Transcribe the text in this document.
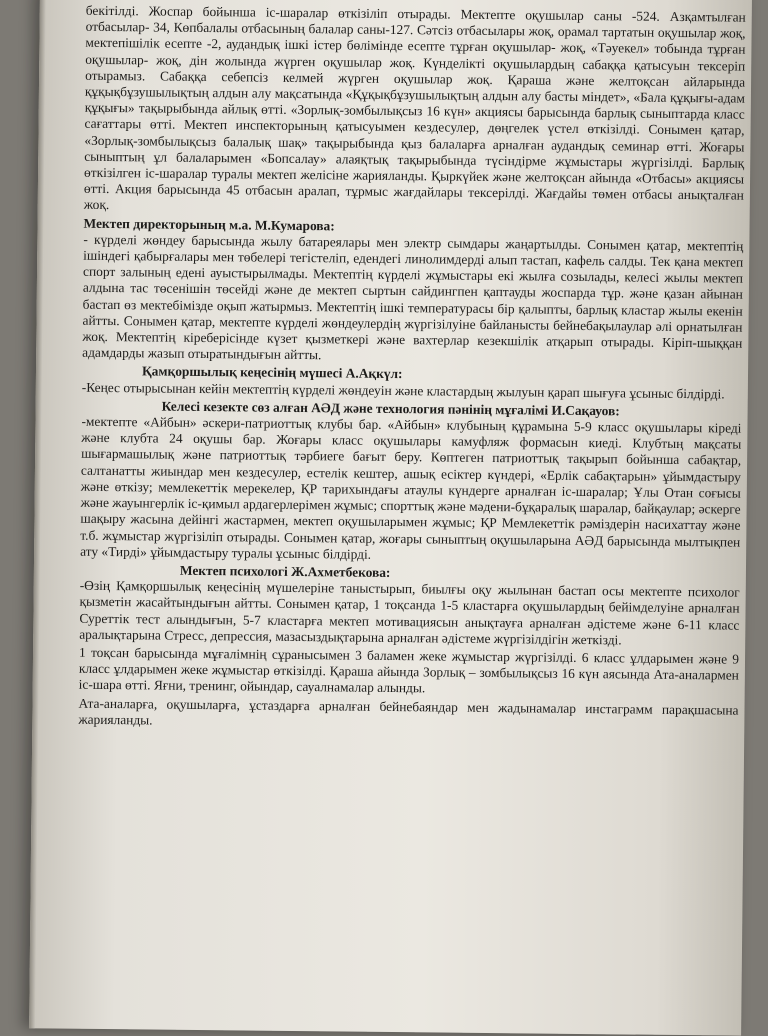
бекітілді. Жоспар бойынша іс-шаралар өткізіліп отырады. Мектепте оқушылар саны -524. Азқамтылған отбасылар- 34, Көпбалалы отбасының балалар саны-127. Сәтсіз отбасылары жоқ, орамал тартатын оқушылар жоқ, мектепішілік есепте -2, аудандық ішкі істер бөлімінде есепте тұрған оқушылар- жоқ, «Тәуекел» тобында тұрған оқушылар- жоқ, дін жолында жүрген оқушылар жоқ. Күнделікті оқушылардың сабаққа қатысуын тексеріп отырамыз. Сабаққа себепсіз келмей жүрген оқушылар жоқ. Қараша және желтоқсан айларында құқықбұзушылықтың алдын алу мақсатында «Құқықбұзушылықтың алдын алу басты міндет», «Бала құқығы-адам құқығы» тақырыбында айлық өтті. «Зорлық-зомбылықсыз 16 күн» акциясы барысында барлық сыныптарда класс сағаттары өтті. Мектеп инспекторының қатысуымен кездесулер, дөңгелек үстел өткізілді. Сонымен қатар, «Зорлық-зомбылықсыз балалық шақ» тақырыбында қыз балаларға арналған аудандық семинар өтті. Жоғары сыныптың ұл балаларымен «Бопсалау» алаяқтық тақырыбында түсіндірме жұмыстары жүргізілді. Барлық өткізілген іс-шаралар туралы мектеп желісіне жарияланды. Қыркүйек және желтоқсан айында «Отбасы» акциясы өтті. Акция барысында 45 отбасын аралап, тұрмыс жағдайлары тексерілді. Жағдайы төмен отбасы анықталған жоқ.

Мектеп директорының м.а. М.Кумарова:

- күрделі жөндеу барысында жылу батареялары мен электр сымдары жаңартылды. Сонымен қатар, мектептің ішіндегі қабырғалары мен төбелері тегістеліп, едендегі линолимдерді алып тастап, кафель салды. Тек қана мектеп спорт залының едені ауыстырылмады. Мектептің күрделі жұмыстары екі жылға созылады, келесі жылы мектеп алдына тас төсенішін төсейді және де мектеп сыртын сайдингпен қаптауды жоспарда тұр. және қазан айынан бастап өз мектебімізде оқып жатырмыз. Мектептің ішкі температурасы бір қалыпты, барлық кластар жылы екенін айтты. Сонымен қатар, мектепте күрделі жөндеулердің жүргізілуіне байланысты бейнебақылаулар әлі орнатылған жоқ. Мектептің кіреберісінде күзет қызметкері және вахтерлар кезекшілік атқарып отырады. Кіріп-шыққан адамдарды жазып отыратындығын айтты.

Қамқоршылық кеңесінің мүшесі А.Ақкүл:

-Кеңес отырысынан кейін мектептің күрделі жөндеуін және кластардың жылуын қарап шығуға ұсыныс білдірді.

Келесі кезекте сөз алған АӘД және технология пәнінің мұғалімі И.Сақауов:

-мектепте «Айбын» әскери-патриоттық клубы бар. «Айбын» клубының құрамына 5-9 класс оқушылары кіреді және клубта 24 оқушы бар. Жоғары класс оқушылары камуфляж формасын киеді. Клубтың мақсаты шығармашылық және патриоттық тәрбиеге бағыт беру. Көптеген патриоттық тақырып бойынша сабақтар, салтанатты жиындар мен кездесулер, естелік кештер, ашық есіктер күндері, «Ерлік сабақтарын» ұйымдастыру және өткізу; мемлекеттік мерекелер, ҚР тарихындағы атаулы күндерге арналған іс-шаралар; Ұлы Отан соғысы және жауынгерлік іс-қимыл ардагерлерімен жұмыс; спорттық және мәдени-бұқаралық шаралар, байқаулар; әскерге шақыру жасына дейінгі жастармен, мектеп оқушыларымен жұмыс; ҚР Мемлекеттік рәміздерін насихаттау және т.б. жұмыстар жүргізіліп отырады. Сонымен қатар, жоғары сыныптың оқушыларына АӘД барысында мылтықпен ату «Тирді» ұйымдастыру туралы ұсыныс білдірді.

Мектеп психологі Ж.Ахметбекова:

-Өзің Қамқоршылық кеңесінің мүшелеріне таныстырып, биылғы оқу жылынан бастап осы мектепте психолог қызметін жасайтындығын айтты. Сонымен қатар, 1 тоқсанда 1-5 кластарға оқушылардың бейімделуіне арналған Суреттік тест алындығын, 5-7 кластарға мектеп мотивациясын анықтауға арналған әдістеме және 6-11 класс аралықтарына Стресс, депрессия, мазасыздықтарына арналған әдістеме жүргізілдігін жеткізді.

1 тоқсан барысында мұғалімнің сұранысымен 3 баламен жеке жұмыстар жүргізілді. 6 класс ұлдарымен және 9 класс ұлдарымен жеке жұмыстар өткізілді. Қараша айында Зорлық – зомбылықсыз 16 күн аясында Ата-аналармен іс-шара өтті. Яғни, тренинг, ойындар, сауалнамалар алынды.

Ата-аналарға, оқушыларға, ұстаздарға арналған бейнебаяндар мен жадынамалар инстаграмм парақшасына жарияланды.
